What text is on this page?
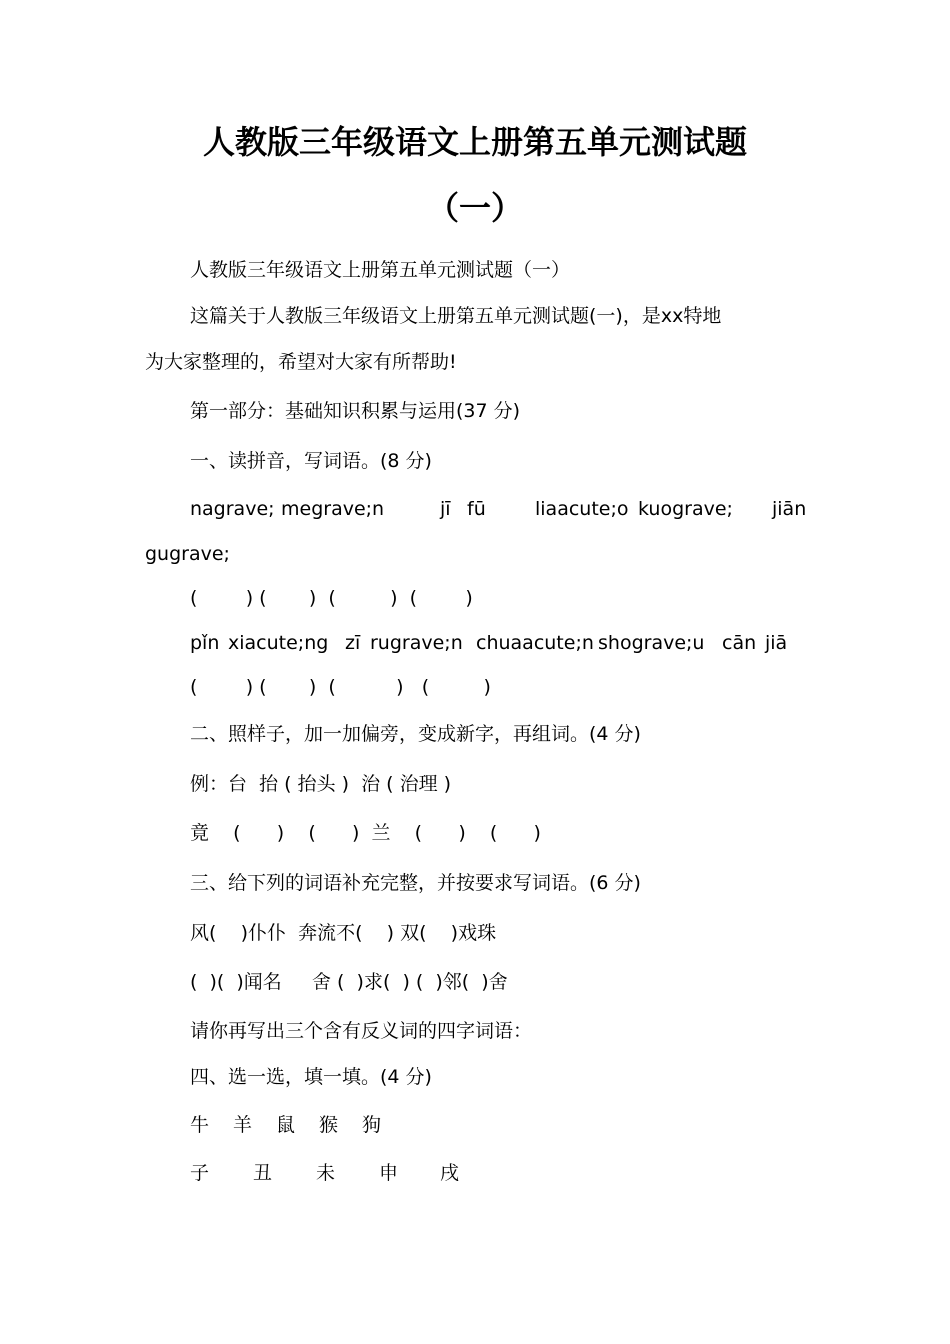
人教版三年级语文上册第五单元测试题
（一）
人教版三年级语文上册第五单元测试题（一）
这篇关于人教版三年级语文上册第五单元测试题(一)，是xx特地
为大家整理的，希望对大家有所帮助!
第一部分：基础知识积累与运用(37 分)
一、读拼音，写词语。(8 分)

nagrave;

megrave;n

	jī

fū

	liaacute;o

kuograve;

jiān

gugrave;
(        ) (       )  (         )  (        )

pǐn

xiacute;ng

zī

rugrave;n

chuaacute;n

shograve;u

cān

jiā

(        ) (       )  (          )   (         )
二、照样子，加一加偏旁，变成新字，再组词。(4 分)
例：台  抬 ( 抬头 )  治 ( 治理 )
竟    (      )    (      )  兰    (      )    (      )
三、给下列的词语补充完整，并按要求写词语。(6 分)
风(    )仆仆  奔流不(    ) 双(    )戏珠
(  )(  )闻名     舍 (  )求(  ) (  )邻(  )舍
请你再写出三个含有反义词的四字词语：
四、选一选，填一填。(4 分)

牛

羊

鼠

猴

狗

子

丑

未

申

戌
